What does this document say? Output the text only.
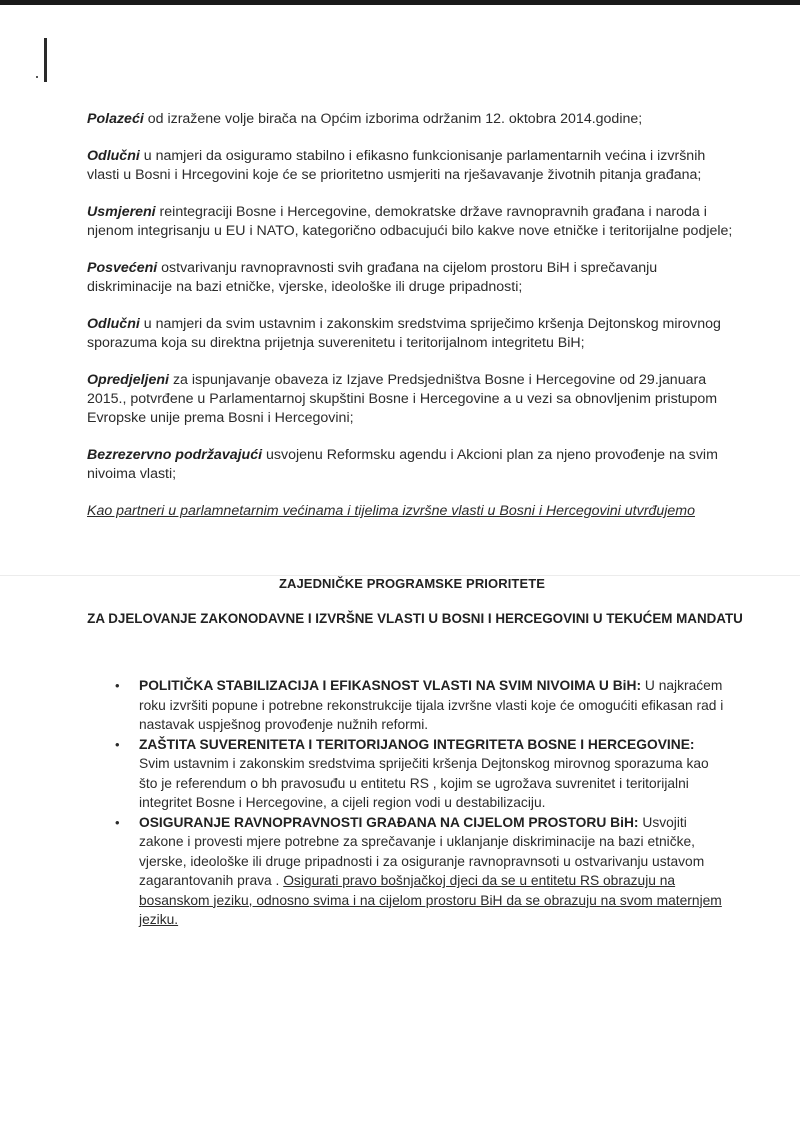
Polazeći od izražene volje birača na Općim izborima održanim 12. oktobra 2014.godine;

Odlučni u namjeri da osiguramo stabilno i efikasno funkcionisanje parlamentarnih većina i izvršnih vlasti u Bosni i Hrcegovini koje će se prioritetno usmjeriti na rješavavanje životnih pitanja građana;

Usmjereni reintegraciji Bosne i Hercegovine, demokratske države ravnopravnih građana i naroda i njenom integrisanju u EU i NATO, kategorično odbacujući bilo kakve nove etničke i teritorijalne podjele;

Posvećeni ostvarivanju ravnopravnosti svih građana na cijelom prostoru BiH i sprečavanju diskriminacije na bazi etničke, vjerske, ideološke ili druge pripadnosti;

Odlučni u namjeri da svim ustavnim i zakonskim sredstvima spriječimo kršenja Dejtonskog mirovnog sporazuma koja su direktna prijetnja suverenitetu i teritorijalnom integritetu BiH;

Opredjeljeni za ispunjavanje obaveza iz Izjave Predsjedništva Bosne i Hercegovine od 29.januara 2015., potvrđene u Parlamentarnoj skupštini Bosne i Hercegovine a u vezi sa obnovljenim pristupom Evropske unije prema Bosni i Hercegovini;

Bezrezervno podržavajući usvojenu Reformsku agendu i Akcioni plan za njeno provođenje na svim nivoima vlasti;

Kao partneri u parlamnetarnim većinama i tijelima izvršne vlasti u Bosni i Hercegovini utvrđujemo

ZAJEDNIČKE PROGRAMSKE PRIORITETE
ZA DJELOVANJE ZAKONODAVNE I IZVRŠNE VLASTI U BOSNI I HERCEGOVINI U TEKUĆEM MANDATU
• POLITIČKA STABILIZACIJA I EFIKASNOST VLASTI NA SVIM NIVOIMA U BiH: U najkraćem roku izvršiti popune i potrebne rekonstrukcije tijala izvršne vlasti koje će omogućiti efikasan rad i nastavak uspješnog provođenje nužnih reformi.
• ZAŠTITA SUVERENITETA I TERITORIJANOG INTEGRITETA BOSNE I HERCEGOVINE: Svim ustavnim i zakonskim sredstvima spriječiti kršenja Dejtonskog mirovnog sporazuma kao što je referendum o bh pravosuđu u entitetu RS , kojim se ugrožava suvrenitet i teritorijalni integritet Bosne i Hercegovine, a cijeli region vodi u destabilizaciju.
• OSIGURANJE RAVNOPRAVNOSTI GRAĐANA NA CIJELOM PROSTORU BiH: Usvojiti zakone i provesti mjere potrebne za sprečavanje i uklanjanje diskriminacije na bazi etničke, vjerske, ideološke ili druge pripadnosti i za osiguranje ravnopravnsoti u ostvarivanju ustavom zagarantovanih prava . Osigurati pravo bošnjačkoj djeci da se u entitetu RS obrazuju na bosanskom jeziku, odnosno svima i na cijelom prostoru BiH da se obrazuju na svom maternjem jeziku.
